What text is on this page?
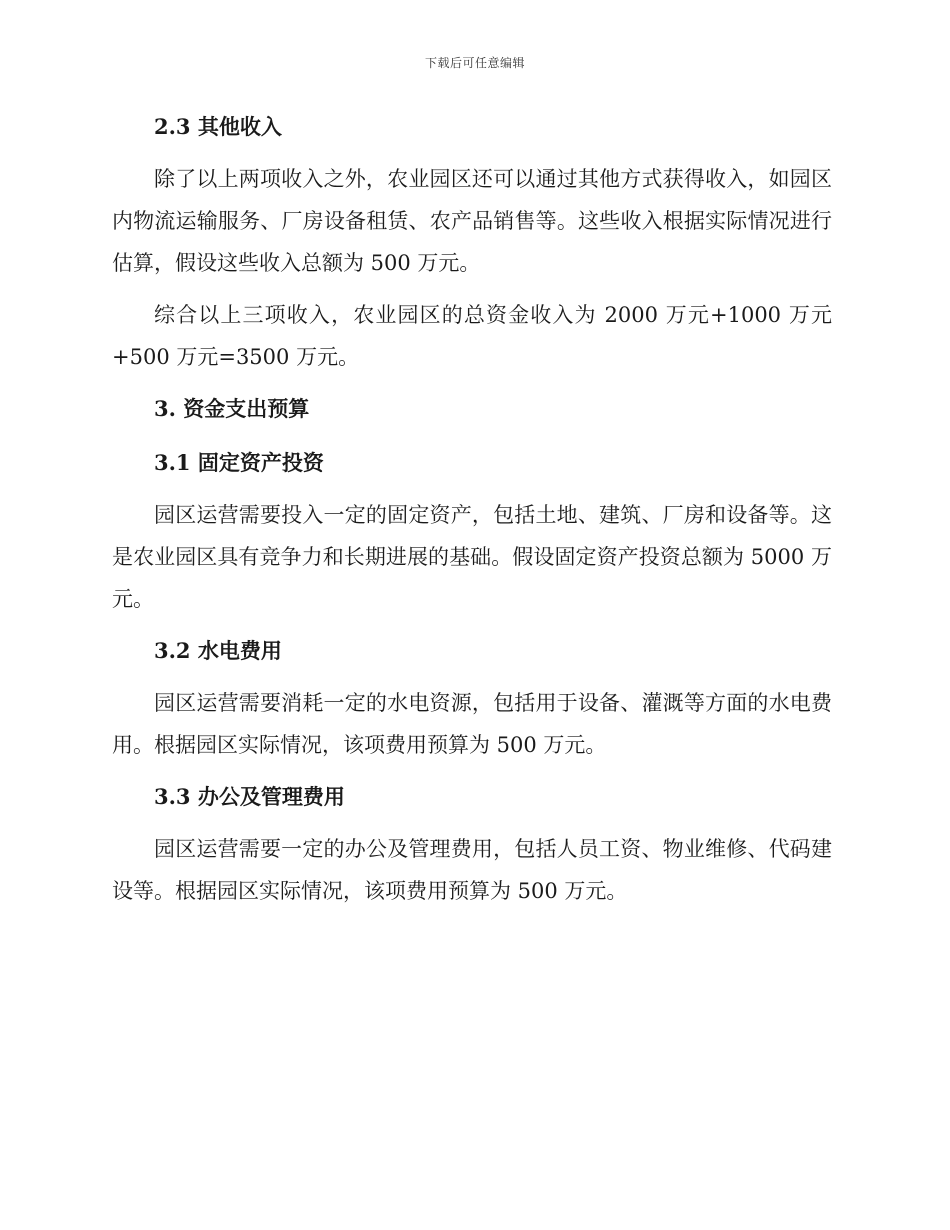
下载后可任意编辑
2.3 其他收入

除了以上两项收入之外，农业园区还可以通过其他方式获得收入，如园区内物流运输服务、厂房设备租赁、农产品销售等。这些收入根据实际情况进行估算，假设这些收入总额为 500 万元。

综合以上三项收入，农业园区的总资金收入为 2000 万元+1000 万元+500 万元=3500 万元。

3. 资金支出预算
3.1 固定资产投资

园区运营需要投入一定的固定资产，包括土地、建筑、厂房和设备等。这是农业园区具有竞争力和长期进展的基础。假设固定资产投资总额为 5000 万元。

3.2 水电费用

园区运营需要消耗一定的水电资源，包括用于设备、灌溉等方面的水电费用。根据园区实际情况，该项费用预算为 500 万元。

3.3 办公及管理费用

园区运营需要一定的办公及管理费用，包括人员工资、物业维修、代码建设等。根据园区实际情况，该项费用预算为 500 万元。
